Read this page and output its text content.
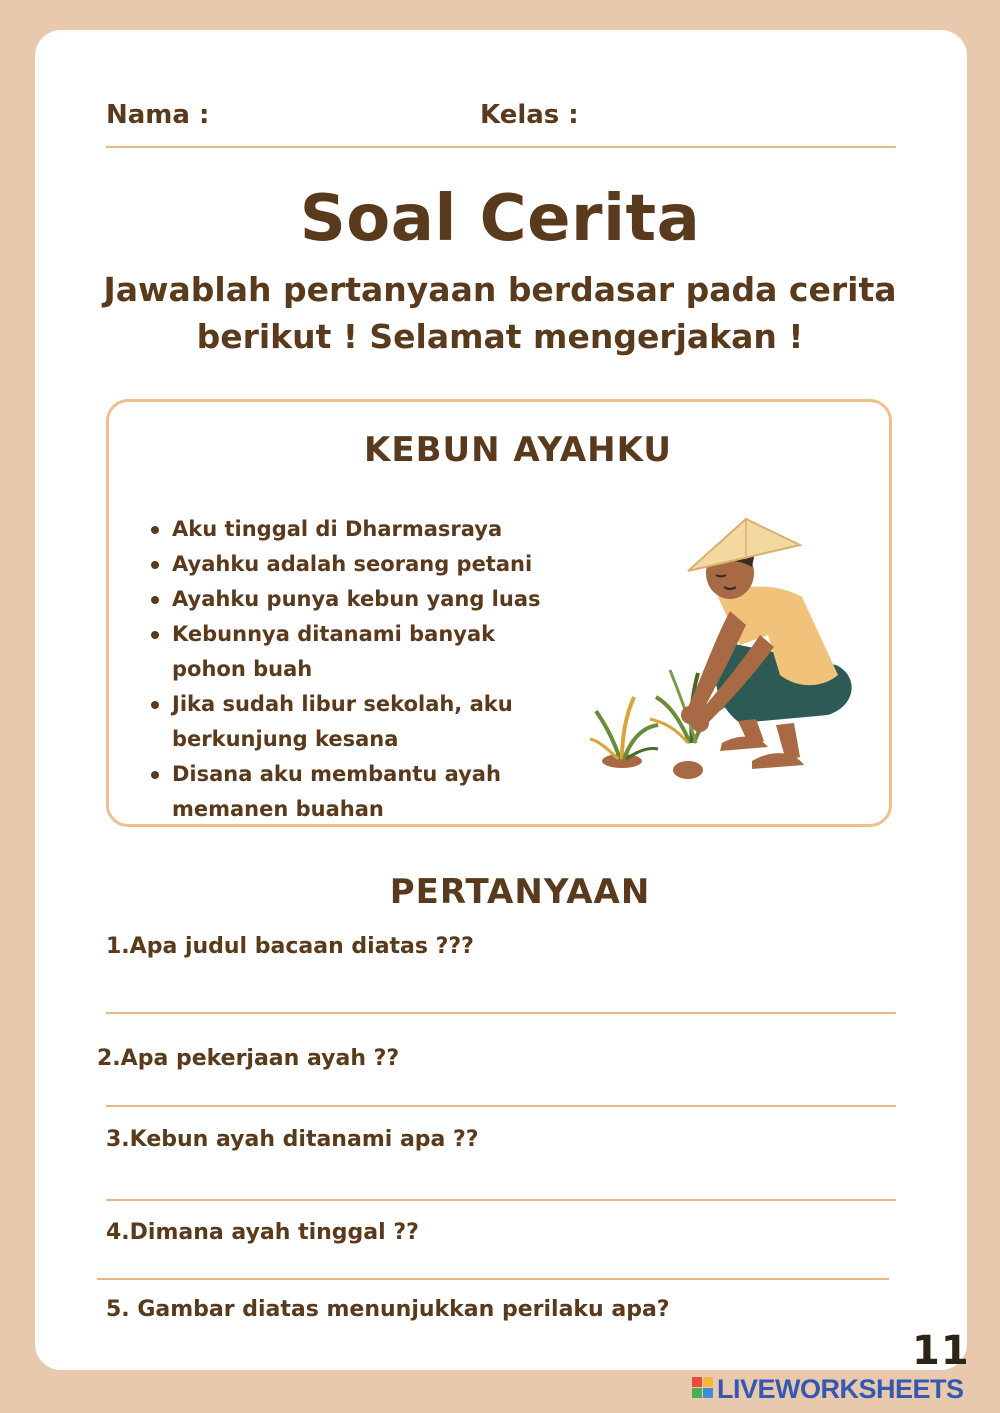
Nama :	Kelas :
Soal Cerita
Jawablah pertanyaan berdasar pada cerita berikut ! Selamat mengerjakan !
KEBUN AYAHKU
Aku tinggal di Dharmasraya
Ayahku adalah seorang petani
Ayahku punya kebun yang luas
Kebunnya ditanami banyak pohon buah
Jika sudah libur sekolah, aku berkunjung kesana
Disana aku membantu ayah memanen buahan
PERTANYAAN
1.Apa judul bacaan diatas ???
2.Apa pekerjaan ayah ??
3.Kebun ayah ditanami apa ??
4.Dimana ayah tinggal ??
5. Gambar diatas menunjukkan perilaku apa?
11
LIVEWORKSHEETS
